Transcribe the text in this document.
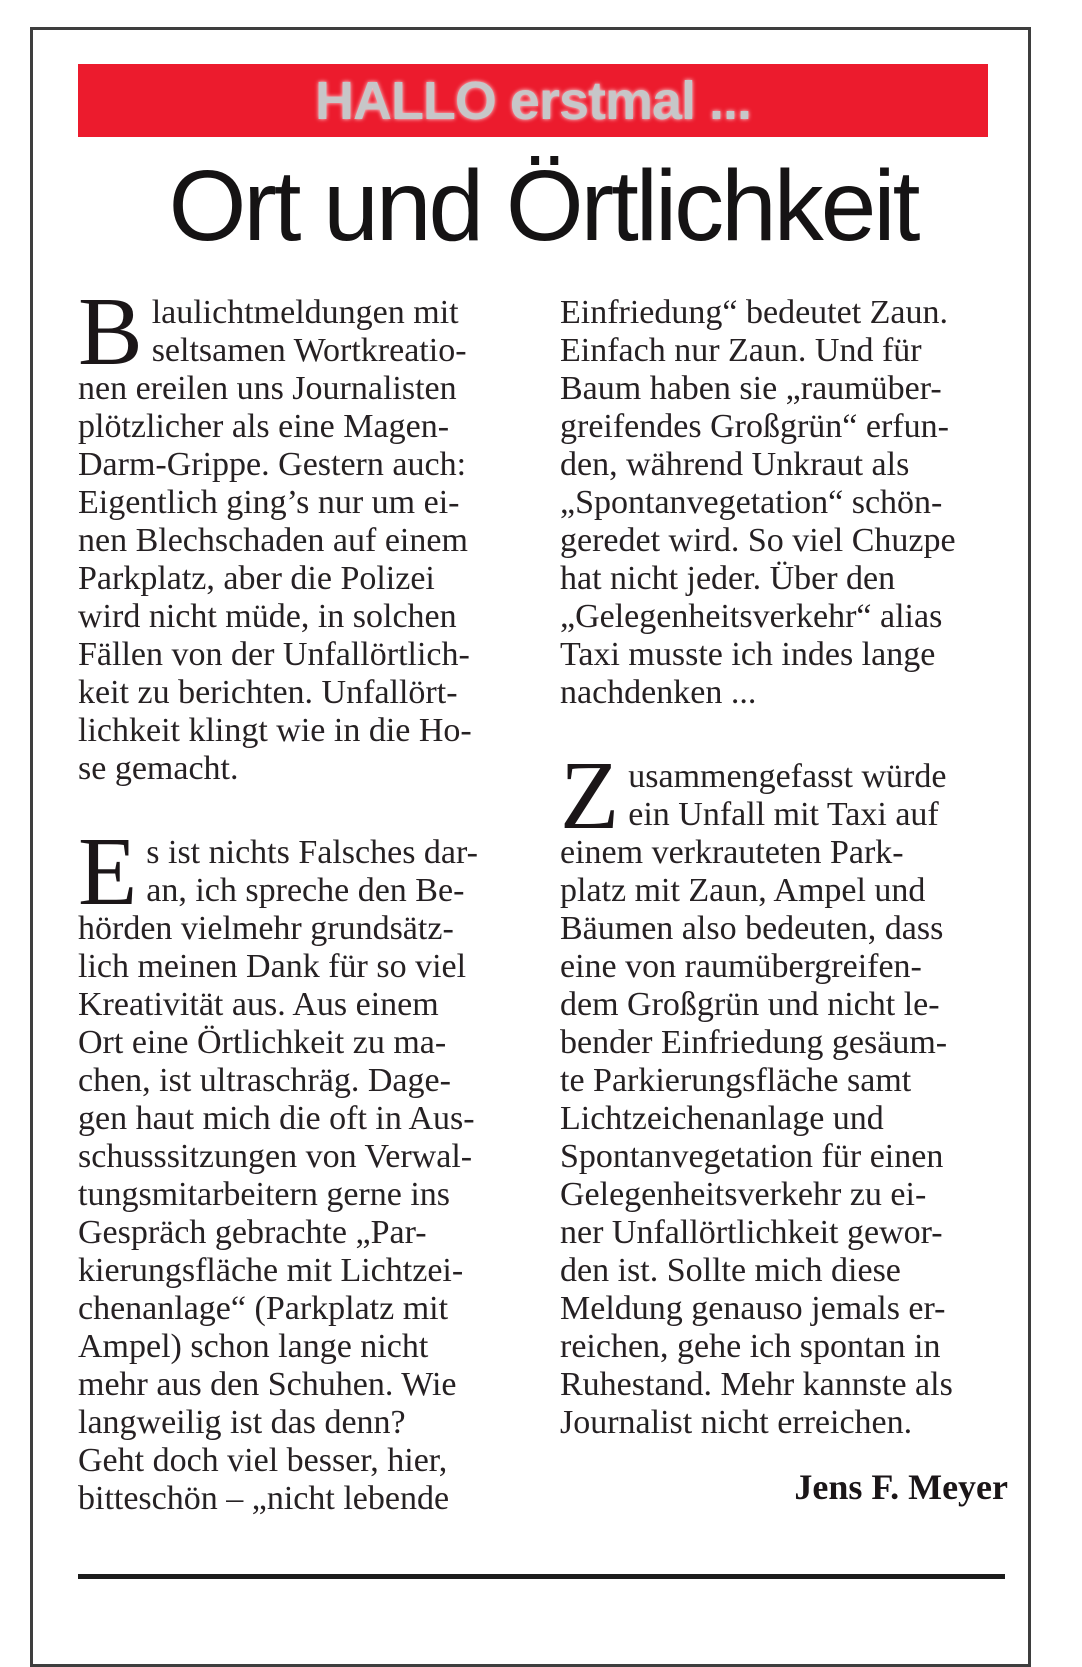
HALLO erstmal ...
Ort und Örtlichkeit
B laulichtmeldungen mit
seltsamen Wortkreatio-
nen ereilen uns Journalisten
plötzlicher als eine Magen-
Darm-Grippe. Gestern auch:
Eigentlich ging’s nur um ei-
nen Blechschaden auf einem
Parkplatz, aber die Polizei
wird nicht müde, in solchen
Fällen von der Unfallörtlich-
keit zu berichten. Unfallört-
lichkeit klingt wie in die Ho-
se gemacht.
E s ist nichts Falsches dar-
an, ich spreche den Be-
hörden vielmehr grundsätz-
lich meinen Dank für so viel
Kreativität aus. Aus einem
Ort eine Örtlichkeit zu ma-
chen, ist ultraschräg. Dage-
gen haut mich die oft in Aus-
schusssitzungen von Verwal-
tungsmitarbeitern gerne ins
Gespräch gebrachte „Par-
kierungsfläche mit Lichtzei-
chenanlage“ (Parkplatz mit
Ampel) schon lange nicht
mehr aus den Schuhen. Wie
langweilig ist das denn?
Geht doch viel besser, hier,
bitteschön – „nicht lebende
Einfriedung“ bedeutet Zaun.
Einfach nur Zaun. Und für
Baum haben sie „raumüber-
greifendes Großgrün“ erfun-
den, während Unkraut als
„Spontanvegetation“ schön-
geredet wird. So viel Chuzpe
hat nicht jeder. Über den
„Gelegenheitsverkehr“ alias
Taxi musste ich indes lange
nachdenken ...
Z usammengefasst würde
ein Unfall mit Taxi auf
einem verkrauteten Park-
platz mit Zaun, Ampel und
Bäumen also bedeuten, dass
eine von raumübergreifen-
dem Großgrün und nicht le-
bender Einfriedung gesäum-
te Parkierungsfläche samt
Lichtzeichenanlage und
Spontanvegetation für einen
Gelegenheitsverkehr zu ei-
ner Unfallörtlichkeit gewor-
den ist. Sollte mich diese
Meldung genauso jemals er-
reichen, gehe ich spontan in
Ruhestand. Mehr kannste als
Journalist nicht erreichen.
Jens F. Meyer
